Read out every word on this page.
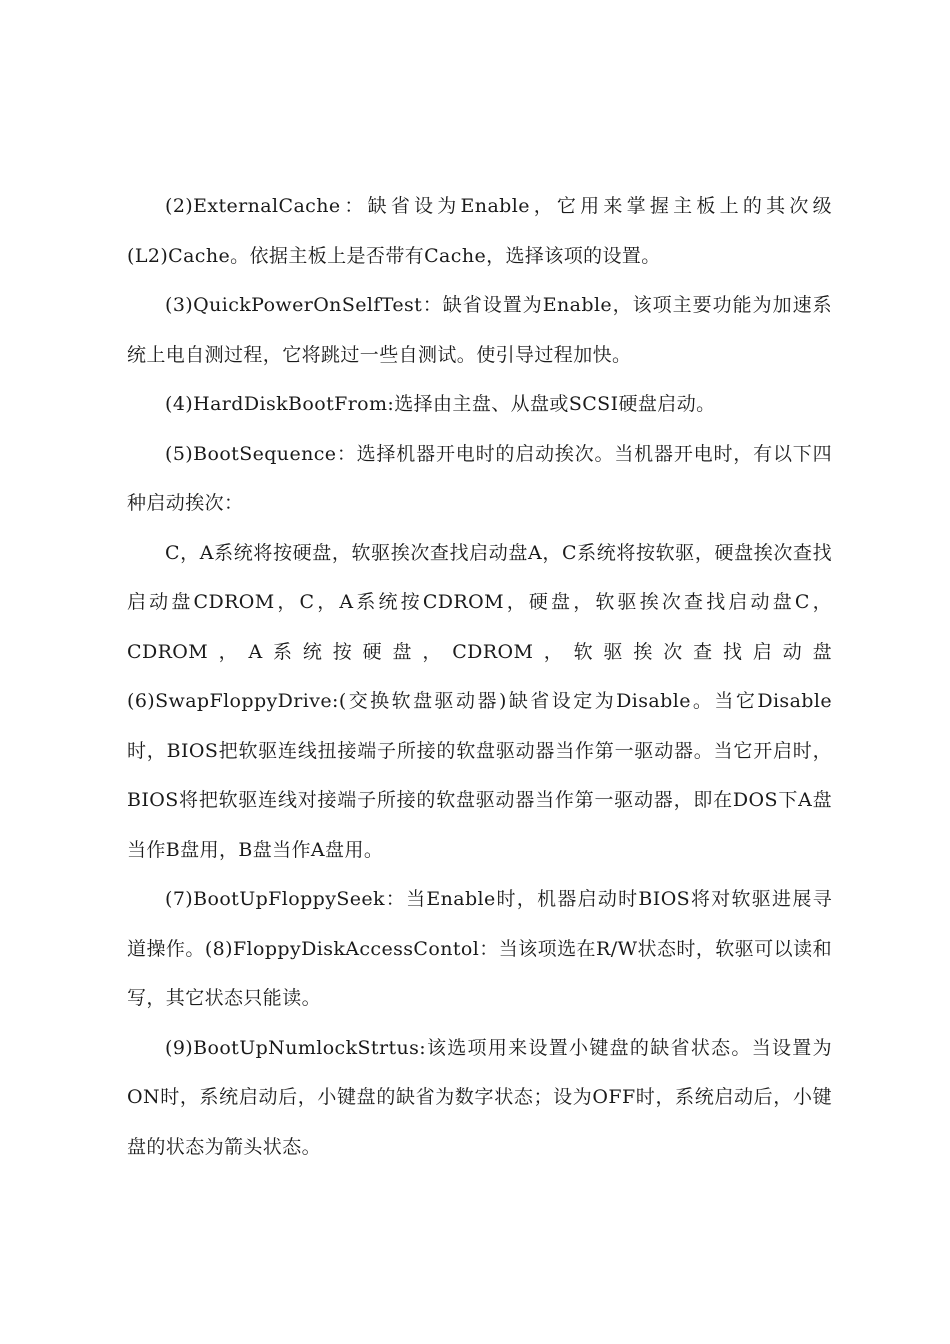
(2)ExternalCache：缺省设为Enable，它用来掌握主板上的其次级(L2)Cache。依据主板上是否带有Cache，选择该项的设置。

(3)QuickPowerOnSelfTest：缺省设置为Enable，该项主要功能为加速系统上电自测过程，它将跳过一些自测试。使引导过程加快。

(4)HardDiskBootFrom:选择由主盘、从盘或SCSI硬盘启动。

(5)BootSequence：选择机器开电时的启动挨次。当机器开电时，有以下四种启动挨次：

C，A系统将按硬盘，软驱挨次查找启动盘A，C系统将按软驱，硬盘挨次查找启动盘CDROM，C，A系统按CDROM，硬盘，软驱挨次查找启动盘C，CDROM，A系统按硬盘，CDROM，软驱挨次查找启动盘(6)SwapFloppyDrive:(交换软盘驱动器)缺省设定为Disable。当它Disable时，BIOS把软驱连线扭接端子所接的软盘驱动器当作第一驱动器。当它开启时，BIOS将把软驱连线对接端子所接的软盘驱动器当作第一驱动器，即在DOS下A盘当作B盘用，B盘当作A盘用。

(7)BootUpFloppySeek：当Enable时，机器启动时BIOS将对软驱进展寻道操作。(8)FloppyDiskAccessContol：当该项选在R/W状态时，软驱可以读和写，其它状态只能读。

(9)BootUpNumlockStrtus:该选项用来设置小键盘的缺省状态。当设置为ON时，系统启动后，小键盘的缺省为数字状态；设为OFF时，系统启动后，小键盘的状态为箭头状态。
